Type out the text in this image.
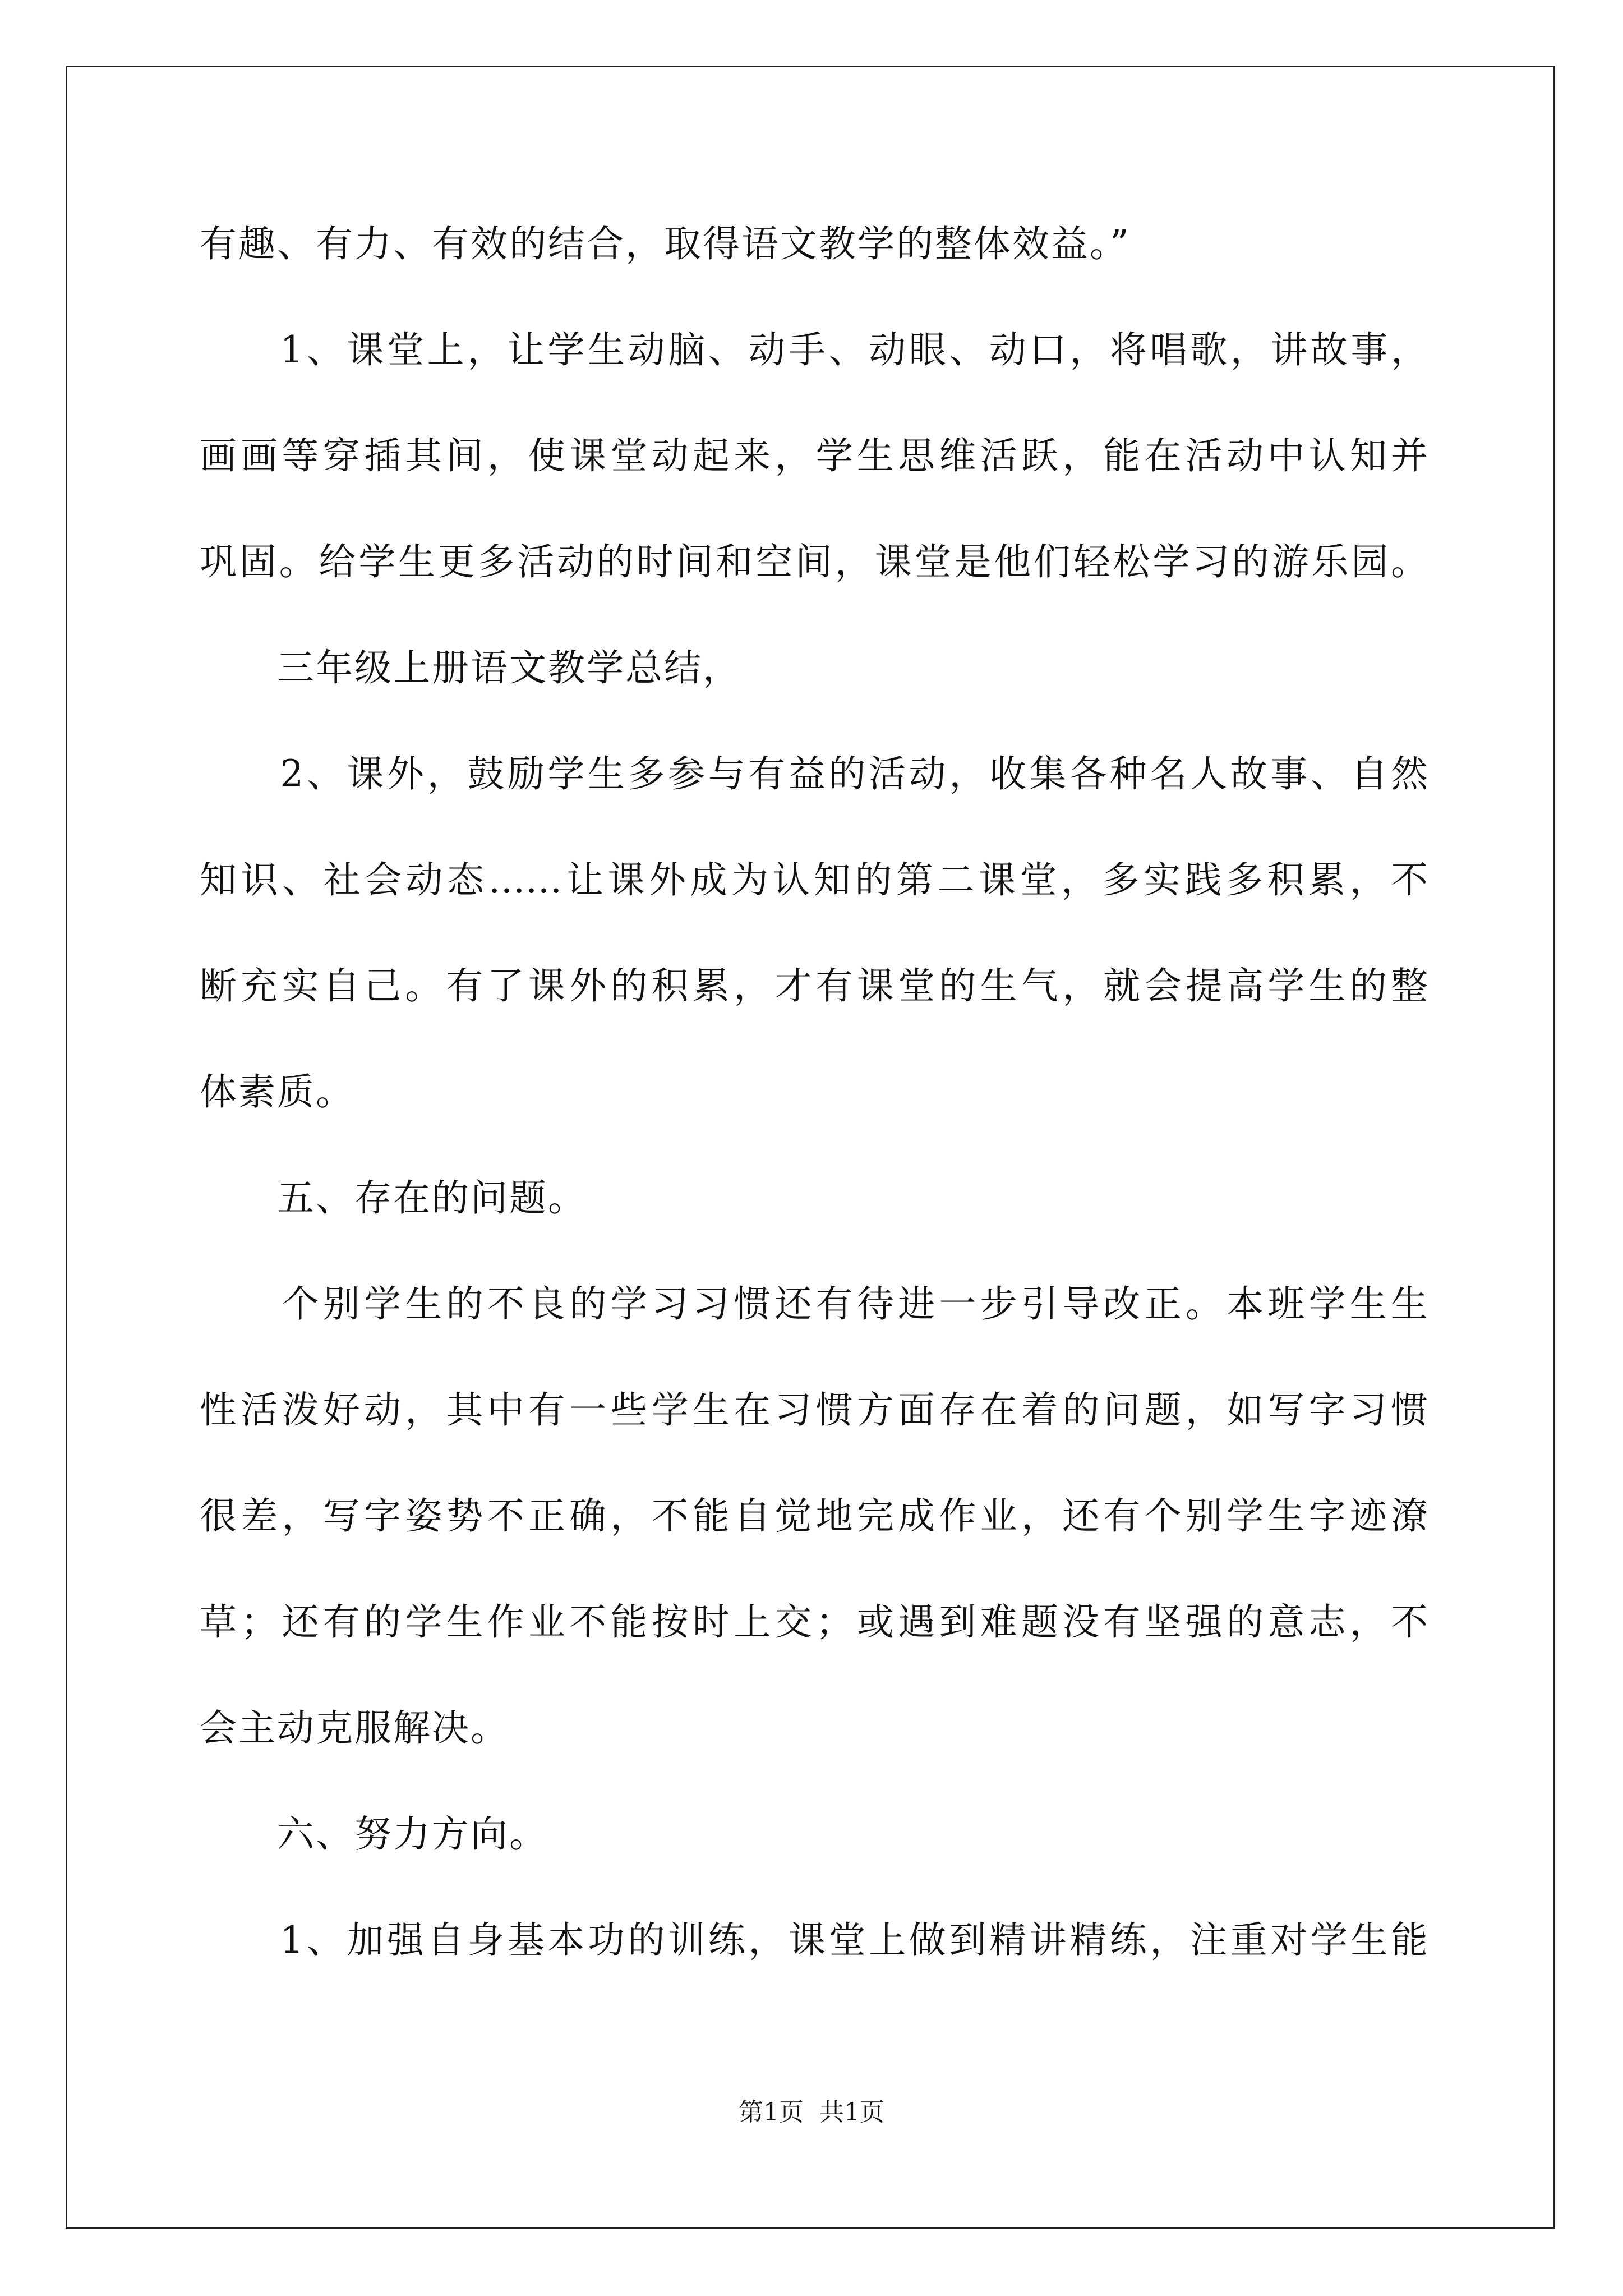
有趣、有力、有效的结合，取得语文教学的整体效益。”
　　1、课堂上，让学生动脑、动手、动眼、动口，将唱歌，讲故事，
画画等穿插其间，使课堂动起来，学生思维活跃，能在活动中认知并
巩固。给学生更多活动的时间和空间，课堂是他们轻松学习的游乐园。
　　三年级上册语文教学总结，
　　2、课外，鼓励学生多参与有益的活动，收集各种名人故事、自然
知识、社会动态……让课外成为认知的第二课堂，多实践多积累，不
断充实自己。有了课外的积累，才有课堂的生气，就会提高学生的整
体素质。
　　五、存在的问题。
　　个别学生的不良的学习习惯还有待进一步引导改正。本班学生生
性活泼好动，其中有一些学生在习惯方面存在着的问题，如写字习惯
很差，写字姿势不正确，不能自觉地完成作业，还有个别学生字迹潦
草；还有的学生作业不能按时上交；或遇到难题没有坚强的意志，不
会主动克服解决。
　　六、努力方向。
　　1、加强自身基本功的训练，课堂上做到精讲精练，注重对学生能
第1页 共1页
